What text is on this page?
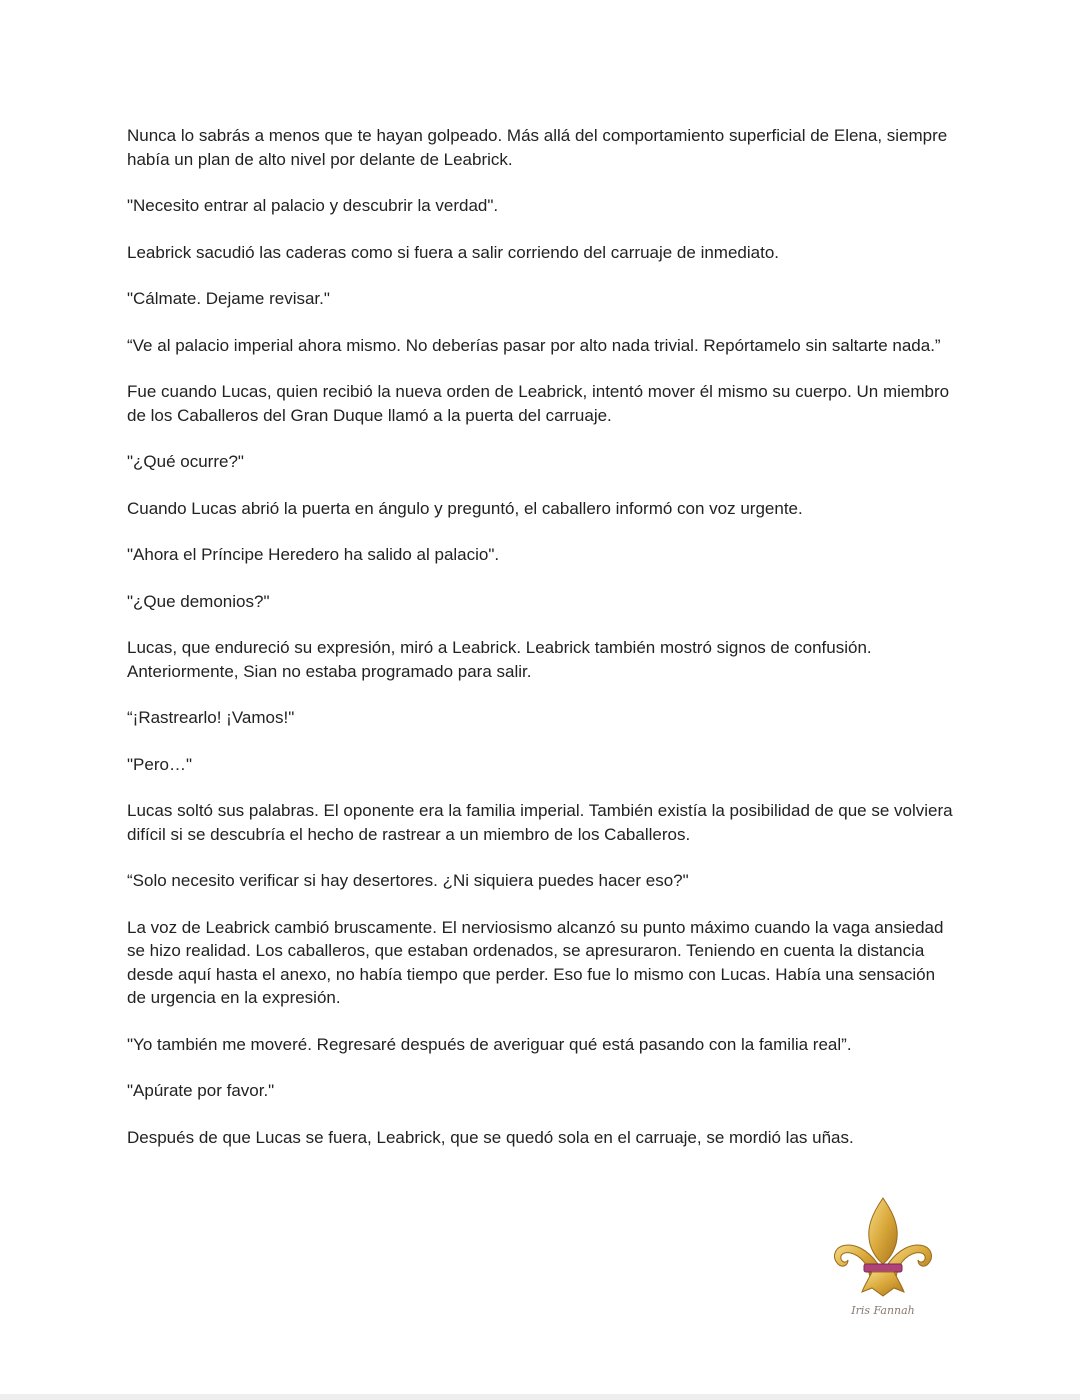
Nunca lo sabrás a menos que te hayan golpeado. Más allá del comportamiento superficial de Elena, siempre había un plan de alto nivel por delante de Leabrick.

"Necesito entrar al palacio y descubrir la verdad".

Leabrick sacudió las caderas como si fuera a salir corriendo del carruaje de inmediato.

"Cálmate. Dejame revisar."

“Ve al palacio imperial ahora mismo. No deberías pasar por alto nada trivial. Repórtamelo sin saltarte nada.”

Fue cuando Lucas, quien recibió la nueva orden de Leabrick, intentó mover él mismo su cuerpo. Un miembro de los Caballeros del Gran Duque llamó a la puerta del carruaje.

"¿Qué ocurre?"

Cuando Lucas abrió la puerta en ángulo y preguntó, el caballero informó con voz urgente.

"Ahora el Príncipe Heredero ha salido al palacio".

"¿Que demonios?"

Lucas, que endureció su expresión, miró a Leabrick. Leabrick también mostró signos de confusión. Anteriormente, Sian no estaba programado para salir.

“¡Rastrearlo! ¡Vamos!"

"Pero…"

Lucas soltó sus palabras. El oponente era la familia imperial. También existía la posibilidad de que se volviera difícil si se descubría el hecho de rastrear a un miembro de los Caballeros.

“Solo necesito verificar si hay desertores. ¿Ni siquiera puedes hacer eso?"

La voz de Leabrick cambió bruscamente. El nerviosismo alcanzó su punto máximo cuando la vaga ansiedad se hizo realidad. Los caballeros, que estaban ordenados, se apresuraron. Teniendo en cuenta la distancia desde aquí hasta el anexo, no había tiempo que perder. Eso fue lo mismo con Lucas. Había una sensación de urgencia en la expresión.

"Yo también me moveré. Regresaré después de averiguar qué está pasando con la familia real”.

"Apúrate por favor."

Después de que Lucas se fuera, Leabrick, que se quedó sola en el carruaje, se mordió las uñas.

Iris Fannah
